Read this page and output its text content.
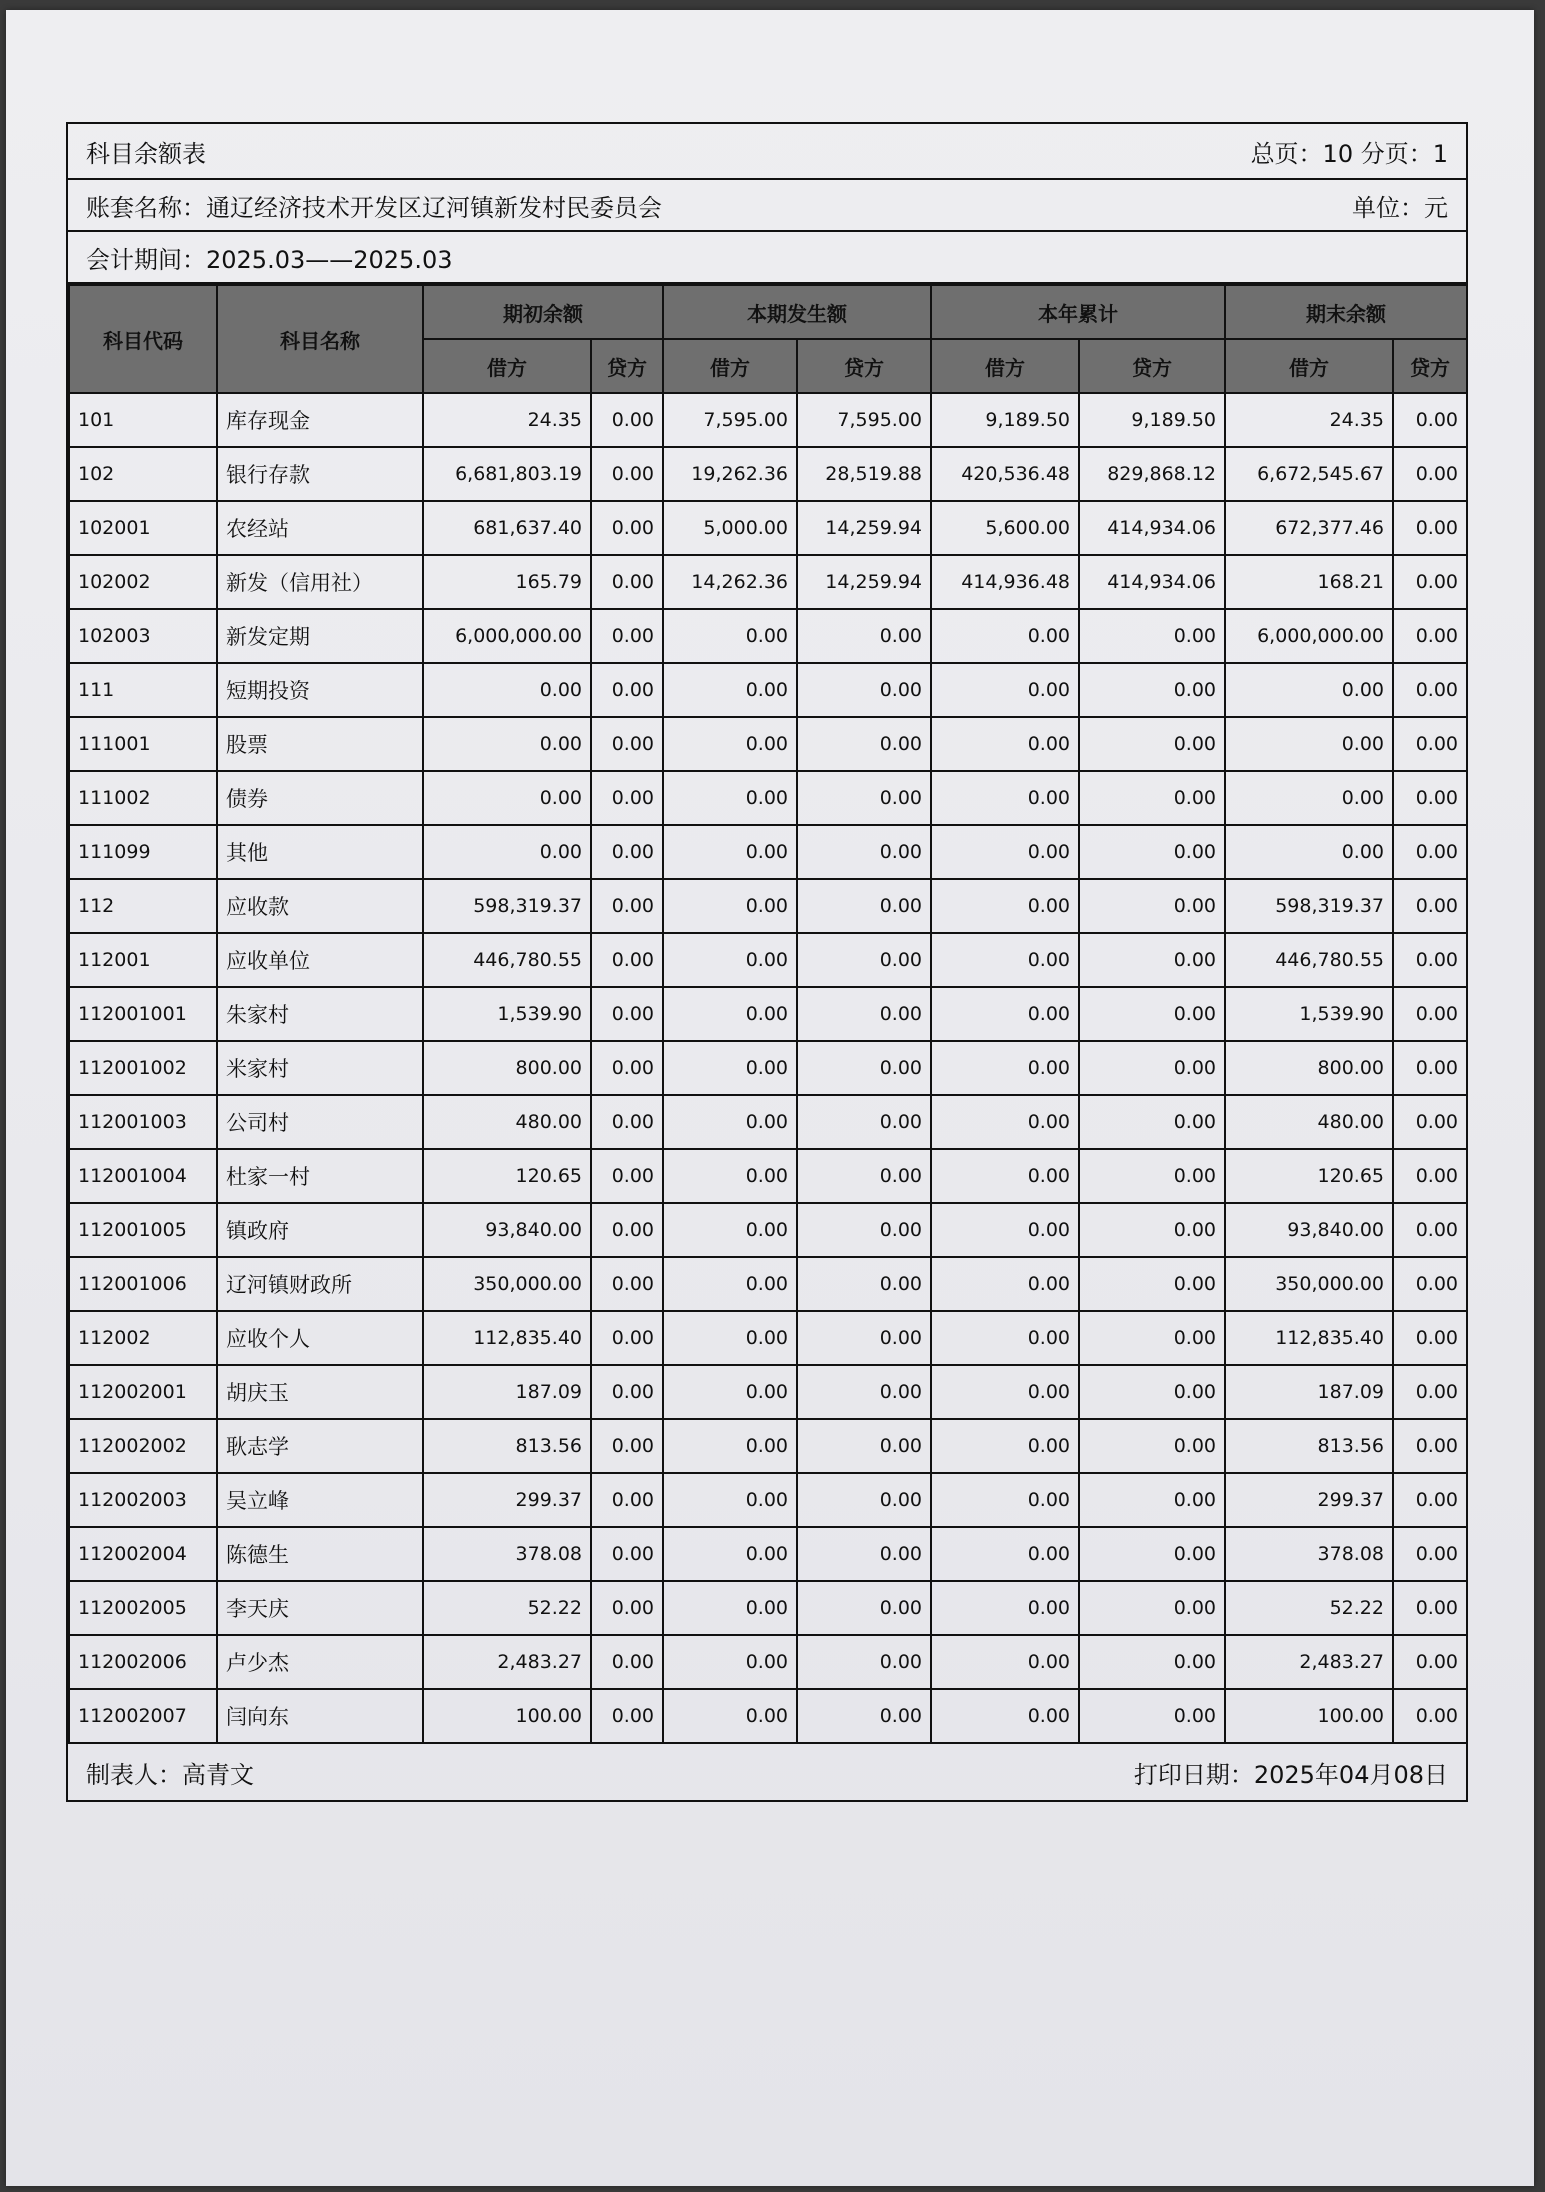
科目余额表	总页：10 分页：1
账套名称：通辽经济技术开发区辽河镇新发村民委员会	单位：元
会计期间：2025.03——2025.03
科目代码	科目名称	期初余额		本期发生额		本年累计		期末余额	
		借方	贷方	借方	贷方	借方	贷方	借方	贷方
101	库存现金	24.35	0.00	7,595.00	7,595.00	9,189.50	9,189.50	24.35	0.00
102	银行存款	6,681,803.19	0.00	19,262.36	28,519.88	420,536.48	829,868.12	6,672,545.67	0.00
102001	农经站	681,637.40	0.00	5,000.00	14,259.94	5,600.00	414,934.06	672,377.46	0.00
102002	新发（信用社）	165.79	0.00	14,262.36	14,259.94	414,936.48	414,934.06	168.21	0.00
102003	新发定期	6,000,000.00	0.00	0.00	0.00	0.00	0.00	6,000,000.00	0.00
111	短期投资	0.00	0.00	0.00	0.00	0.00	0.00	0.00	0.00
111001	股票	0.00	0.00	0.00	0.00	0.00	0.00	0.00	0.00
111002	债券	0.00	0.00	0.00	0.00	0.00	0.00	0.00	0.00
111099	其他	0.00	0.00	0.00	0.00	0.00	0.00	0.00	0.00
112	应收款	598,319.37	0.00	0.00	0.00	0.00	0.00	598,319.37	0.00
112001	应收单位	446,780.55	0.00	0.00	0.00	0.00	0.00	446,780.55	0.00
112001001	朱家村	1,539.90	0.00	0.00	0.00	0.00	0.00	1,539.90	0.00
112001002	米家村	800.00	0.00	0.00	0.00	0.00	0.00	800.00	0.00
112001003	公司村	480.00	0.00	0.00	0.00	0.00	0.00	480.00	0.00
112001004	杜家一村	120.65	0.00	0.00	0.00	0.00	0.00	120.65	0.00
112001005	镇政府	93,840.00	0.00	0.00	0.00	0.00	0.00	93,840.00	0.00
112001006	辽河镇财政所	350,000.00	0.00	0.00	0.00	0.00	0.00	350,000.00	0.00
112002	应收个人	112,835.40	0.00	0.00	0.00	0.00	0.00	112,835.40	0.00
112002001	胡庆玉	187.09	0.00	0.00	0.00	0.00	0.00	187.09	0.00
112002002	耿志学	813.56	0.00	0.00	0.00	0.00	0.00	813.56	0.00
112002003	吴立峰	299.37	0.00	0.00	0.00	0.00	0.00	299.37	0.00
112002004	陈德生	378.08	0.00	0.00	0.00	0.00	0.00	378.08	0.00
112002005	李天庆	52.22	0.00	0.00	0.00	0.00	0.00	52.22	0.00
112002006	卢少杰	2,483.27	0.00	0.00	0.00	0.00	0.00	2,483.27	0.00
112002007	闫向东	100.00	0.00	0.00	0.00	0.00	0.00	100.00	0.00
制表人：高青文	打印日期：2025年04月08日
